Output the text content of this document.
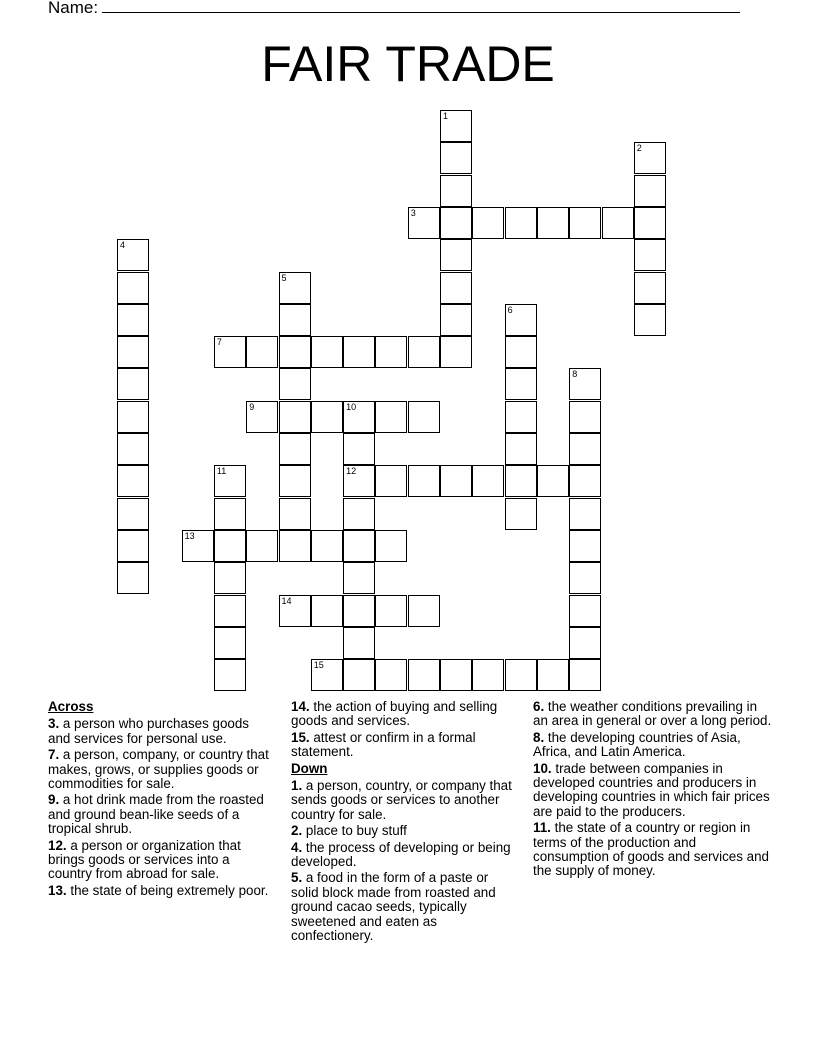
Name:
FAIR TRADE
1
2
3
4
5
6
7
8
9	10
12
11
13
14
15
Across
3. a person who purchases goods and services for personal use.
7. a person, company, or country that makes, grows, or supplies goods or commodities for sale.
9. a hot drink made from the roasted and ground bean-like seeds of a tropical shrub.
12. a person or organization that brings goods or services into a country from abroad for sale.
13. the state of being extremely poor.
14. the action of buying and selling goods and services.
15. attest or confirm in a formal statement.
Down
1. a person, country, or company that sends goods or services to another country for sale.
2. place to buy stuff
4. the process of developing or being developed.
5. a food in the form of a paste or solid block made from roasted and ground cacao seeds, typically sweetened and eaten as confectionery.
6. the weather conditions prevailing in an area in general or over a long period.
8. the developing countries of Asia, Africa, and Latin America.
10. trade between companies in developed countries and producers in developing countries in which fair prices are paid to the producers.
11. the state of a country or region in terms of the production and consumption of goods and services and the supply of money.
